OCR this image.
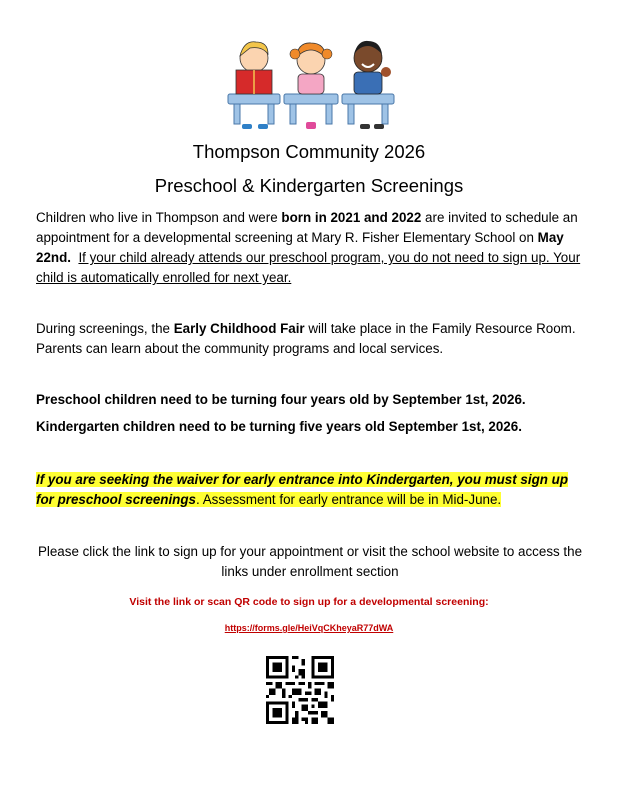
Thompson Community 2026
Preschool & Kindergarten Screenings
Children who live in Thompson and were born in 2021 and 2022 are invited to schedule an appointment for a developmental screening at Mary R. Fisher Elementary School on May 22nd. If your child already attends our preschool program, you do not need to sign up. Your child is automatically enrolled for next year.
During screenings, the Early Childhood Fair will take place in the Family Resource Room. Parents can learn about the community programs and local services.
Preschool children need to be turning four years old by September 1st, 2026.
Kindergarten children need to be turning five years old September 1st, 2026.
If you are seeking the waiver for early entrance into Kindergarten, you must sign up for preschool screenings. Assessment for early entrance will be in Mid-June.
Please click the link to sign up for your appointment or visit the school website to access the links under enrollment section
Visit the link or scan QR code to sign up for a developmental screening:
https://forms.gle/HeiVqCKheyaR77dWA
